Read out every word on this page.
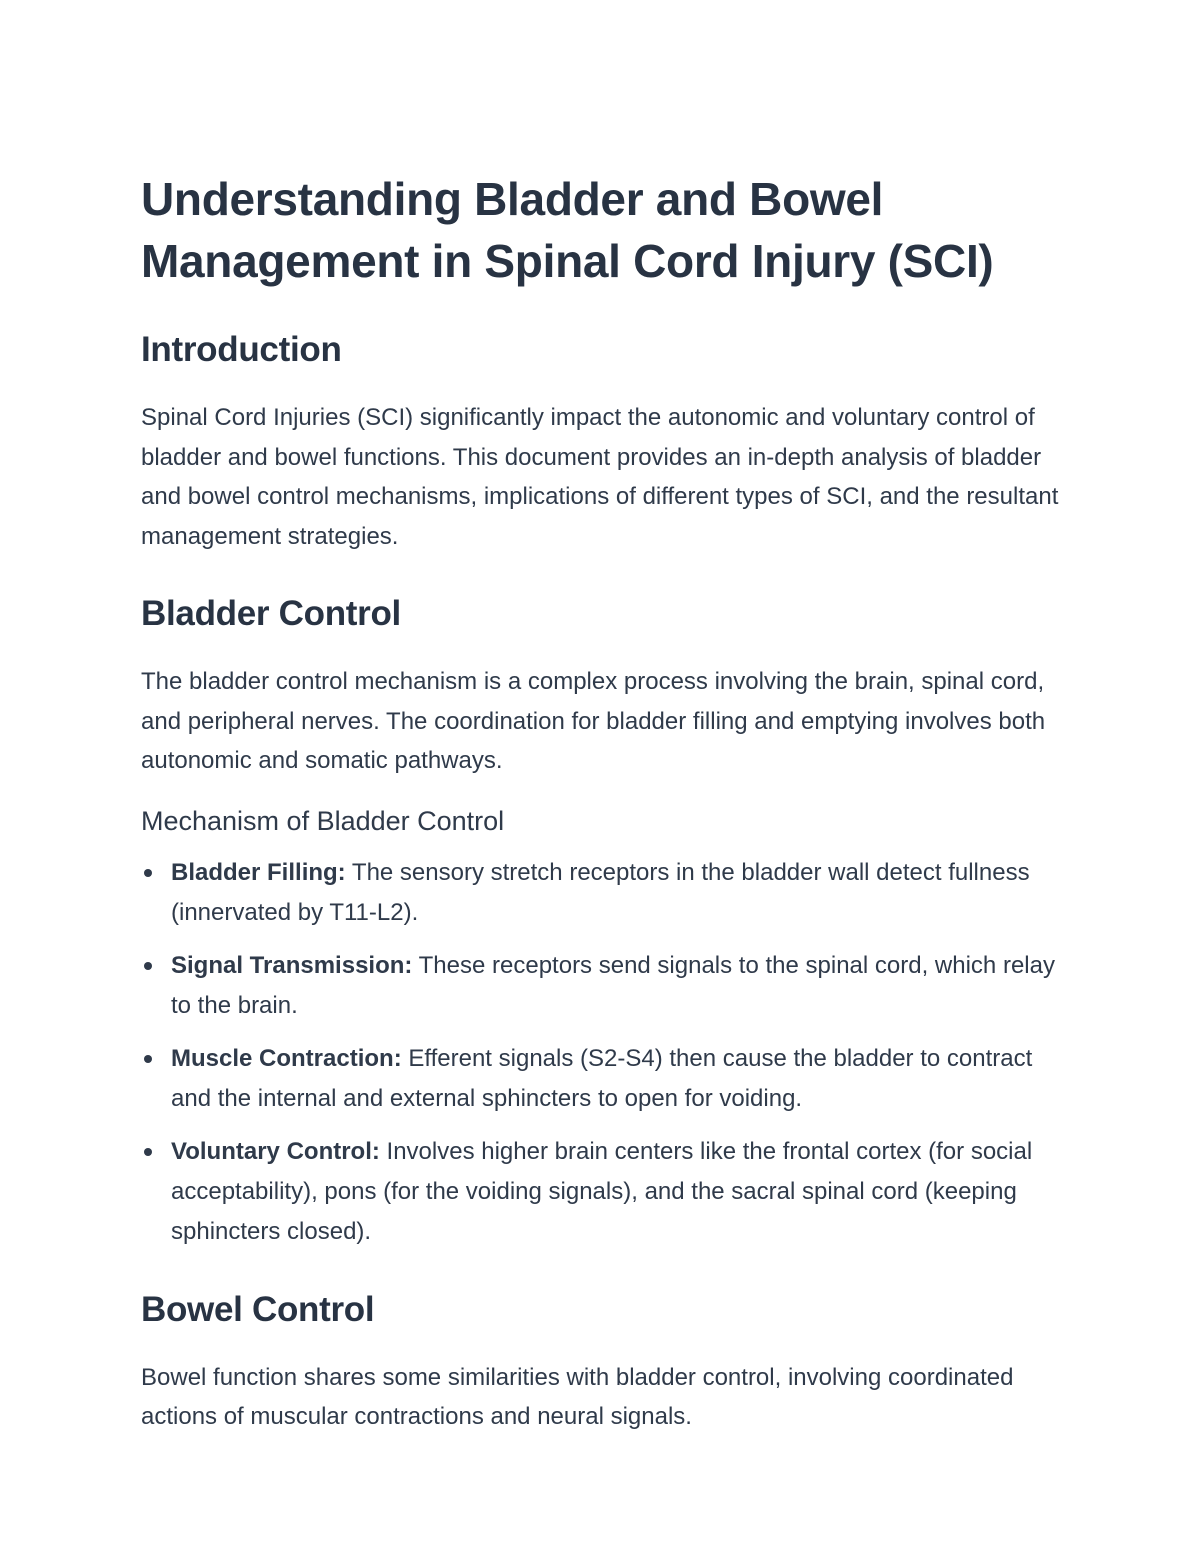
Understanding Bladder and Bowel Management in Spinal Cord Injury (SCI)
Introduction

Spinal Cord Injuries (SCI) significantly impact the autonomic and voluntary control of bladder and bowel functions. This document provides an in-depth analysis of bladder and bowel control mechanisms, implications of different types of SCI, and the resultant management strategies.

Bladder Control

The bladder control mechanism is a complex process involving the brain, spinal cord, and peripheral nerves. The coordination for bladder filling and emptying involves both autonomic and somatic pathways.

Mechanism of Bladder Control
Bladder Filling: The sensory stretch receptors in the bladder wall detect fullness (innervated by T11-L2).
Signal Transmission: These receptors send signals to the spinal cord, which relay to the brain.
Muscle Contraction: Efferent signals (S2-S4) then cause the bladder to contract and the internal and external sphincters to open for voiding.
Voluntary Control: Involves higher brain centers like the frontal cortex (for social acceptability), pons (for the voiding signals), and the sacral spinal cord (keeping sphincters closed).
Bowel Control

Bowel function shares some similarities with bladder control, involving coordinated actions of muscular contractions and neural signals.
